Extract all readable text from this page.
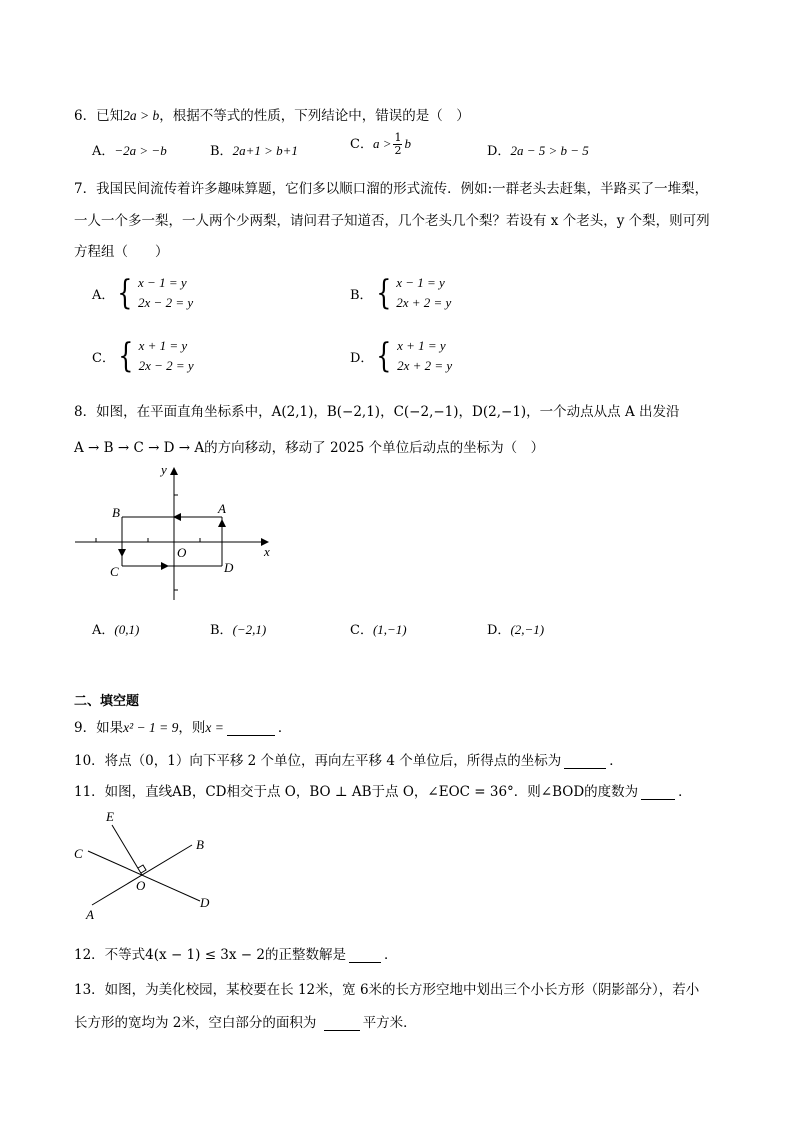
6．已知2a > b，根据不等式的性质，下列结论中，错误的是（　）
A．−2a > −b	B．2a+1 > b+1	C．$a > \frac{1}{2}$ b
D．2a − 5 > b − 5
7．我国民间流传着许多趣味算题，它们多以顺口溜的形式流传．例如:一群老头去赶集，半路买了一堆梨，
一人一个多一梨，一人两个少两梨，请问君子知道否，几个老头几个梨？若设有 x 个老头，y 个梨，则可列
方程组（　　）
A． { x − 1 = y
2x − 2 = y	B． { x − 1 = y
2x + 2 = y
C． { x + 1 = y
2x − 2 = y	D． { x + 1 = y
2x + 2 = y
8．如图，在平面直角坐标系中，A(2,1)，B(−2,1)，C(−2,−1)，D(2,−1)，一个动点从点 A 出发沿
A → B → C → D → A的方向移动，移动了 2025 个单位后动点的坐标为（　）
y
x
O
A
B
C	D
A．(0,1)	B．(−2,1)	C．(1,−1)	D．(2,−1)
二、填空题
9．如果x² − 1 = 9，则x =	．
10．将点（0，1）向下平移 2 个单位，再向左平移 4 个单位后，所得点的坐标为	．
11．如图，直线AB，CD相交于点 O，BO ⊥ AB于点 O，∠EOC = 36°．则∠BOD的度数为	．
E
B
C
O
A
D
12．不等式4(x − 1) ≤ 3x − 2的正整数解是	．
13．如图，为美化校园，某校要在长 12米，宽 6米的长方形空地中划出三个小长方形（阴影部分），若小
长方形的宽均为 2米，空白部分的面积为	平方米．
